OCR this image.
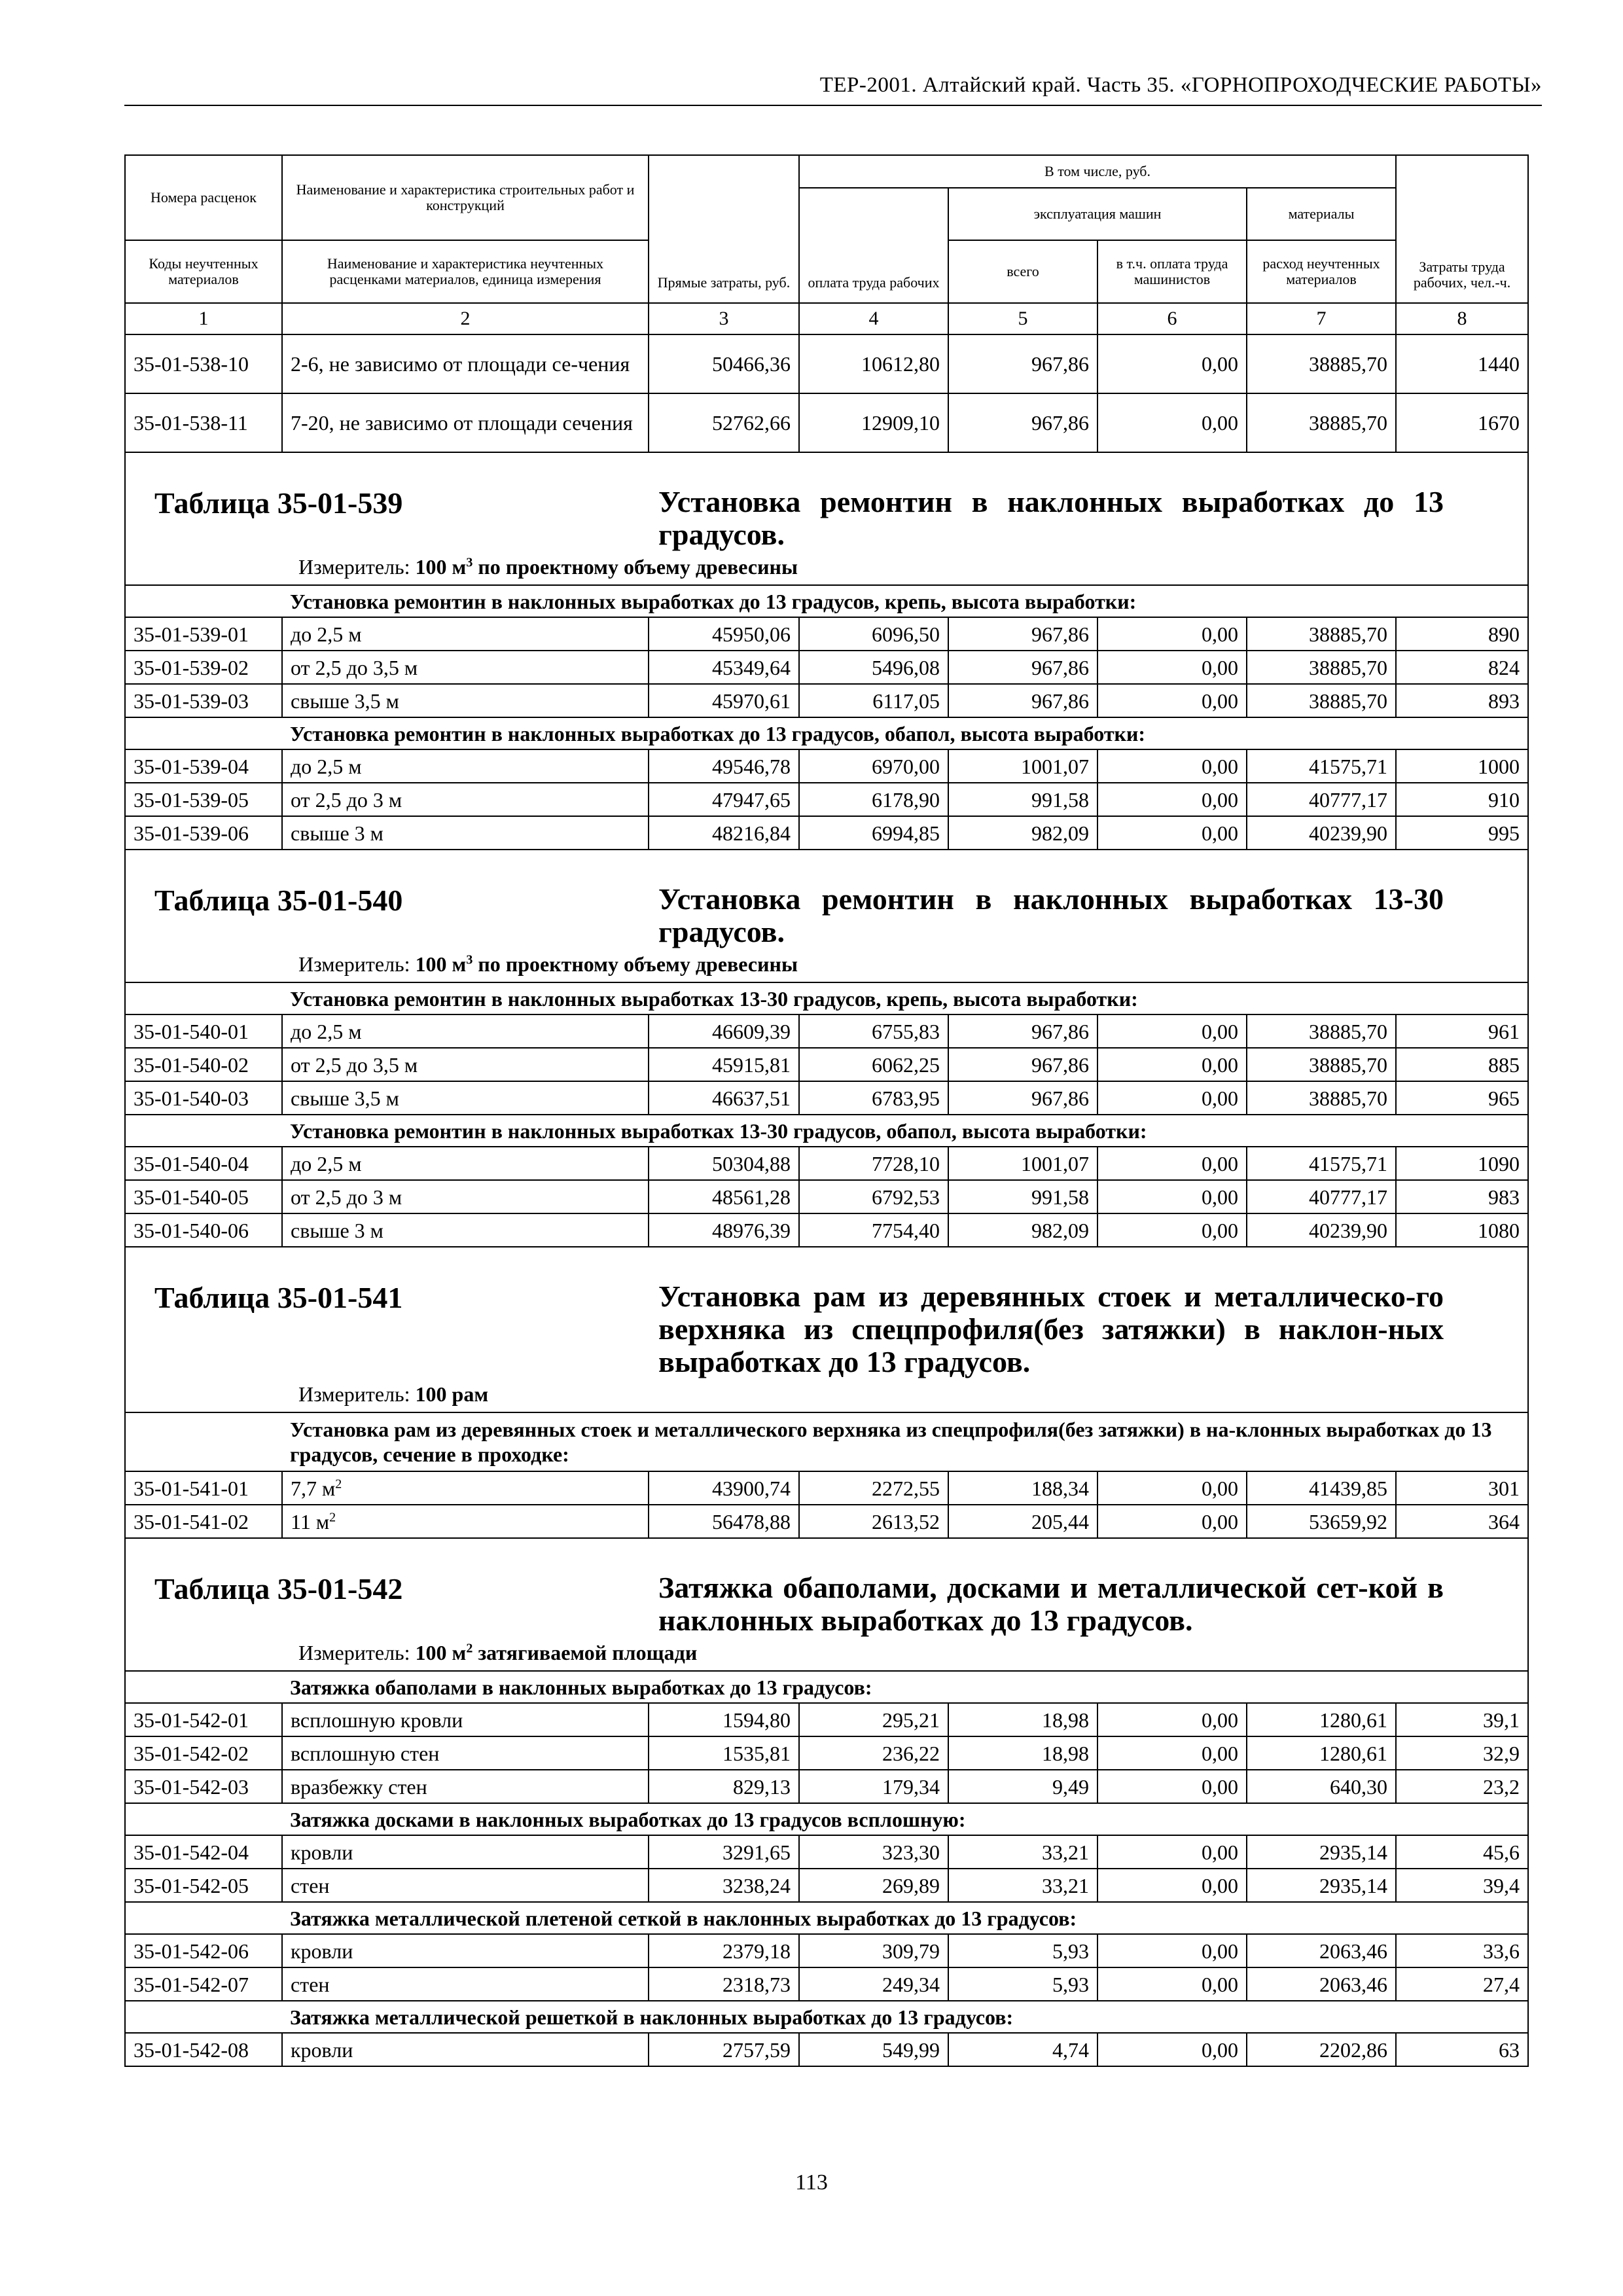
ТЕР-2001. Алтайский край. Часть 35. «ГОРНОПРОХОДЧЕСКИЕ РАБОТЫ»
Номера расценок	Наименование и характеристика строительных работ и конструкций	Прямые затраты, руб.	В том числе, руб.				Затраты труда рабочих, чел.-ч.
			оплата труда рабочих	эксплуатация машин		материалы	
Коды неучтенных материалов	Наименование и характеристика неучтенных расценками материалов, единица измерения			всего	в т.ч. оплата труда машинистов	расход неучтенных материалов	

1	2	3	4	5	6	7	8
35-01-538-10	2-6, не зависимо от площади се-чения	50466,36	10612,80	967,86	0,00	38885,70	1440
35-01-538-11	7-20, не зависимо от площади сечения	52762,66	12909,10	967,86	0,00	38885,70	1670

Таблица 35-01-539 Установка ремонтин в наклонных выработках до 13 градусов.
Измеритель: 100 $м^3$ по проектному объему древесины							

	Установка ремонтин в наклонных выработках до 13 градусов, крепь, высота выработки:						
35-01-539-01	до 2,5 м	45950,06	6096,50	967,86	0,00	38885,70	890
35-01-539-02	от 2,5 до 3,5 м	45349,64	5496,08	967,86	0,00	38885,70	824
35-01-539-03	свыше 3,5 м	45970,61	6117,05	967,86	0,00	38885,70	893
	Установка ремонтин в наклонных выработках до 13 градусов, обапол, высота выработки:						
35-01-539-04	до 2,5 м	49546,78	6970,00	1001,07	0,00	41575,71	1000
35-01-539-05	от 2,5 до 3 м	47947,65	6178,90	991,58	0,00	40777,17	910
35-01-539-06	свыше 3 м	48216,84	6994,85	982,09	0,00	40239,90	995

Таблица 35-01-540 Установка ремонтин в наклонных выработках 13-30 градусов.
Измеритель: 100 $м^3$ по проектному объему древесины							

	Установка ремонтин в наклонных выработках 13-30 градусов, крепь, высота выработки:						
35-01-540-01	до 2,5 м	46609,39	6755,83	967,86	0,00	38885,70	961
35-01-540-02	от 2,5 до 3,5 м	45915,81	6062,25	967,86	0,00	38885,70	885
35-01-540-03	свыше 3,5 м	46637,51	6783,95	967,86	0,00	38885,70	965
	Установка ремонтин в наклонных выработках 13-30 градусов, обапол, высота выработки:						
35-01-540-04	до 2,5 м	50304,88	7728,10	1001,07	0,00	41575,71	1090
35-01-540-05	от 2,5 до 3 м	48561,28	6792,53	991,58	0,00	40777,17	983
35-01-540-06	свыше 3 м	48976,39	7754,40	982,09	0,00	40239,90	1080

Таблица 35-01-541 Установка рам из деревянных стоек и металлическо-го верхняка из спецпрофиля(без затяжки) в наклон-ных выработках до 13 градусов.
Измеритель: 100 рам							

	Установка рам из деревянных стоек и металлического верхняка из спецпрофиля(без затяжки) в на-клонных выработках до 13 градусов, сечение в проходке:						
35-01-541-01	7,7 $м^2$	43900,74	2272,55	188,34	0,00	41439,85	301
35-01-541-02	11 $м^2$	56478,88	2613,52	205,44	0,00	53659,92	364

Таблица 35-01-542 Затяжка обаполами, досками и металлической сет-кой в наклонных выработках до 13 градусов.
Измеритель: 100 $м^2$ затягиваемой площади							

	Затяжка обаполами в наклонных выработках до 13 градусов:						
35-01-542-01	всплошную кровли	1594,80	295,21	18,98	0,00	1280,61	39,1
35-01-542-02	всплошную стен	1535,81	236,22	18,98	0,00	1280,61	32,9
35-01-542-03	вразбежку стен	829,13	179,34	9,49	0,00	640,30	23,2
	Затяжка досками в наклонных выработках до 13 градусов всплошную:						
35-01-542-04	кровли	3291,65	323,30	33,21	0,00	2935,14	45,6
35-01-542-05	стен	3238,24	269,89	33,21	0,00	2935,14	39,4
	Затяжка металлической плетеной сеткой в наклонных выработках до 13 градусов:						
35-01-542-06	кровли	2379,18	309,79	5,93	0,00	2063,46	33,6
35-01-542-07	стен	2318,73	249,34	5,93	0,00	2063,46	27,4
	Затяжка металлической решеткой в наклонных выработках до 13 градусов:						
35-01-542-08	кровли	2757,59	549,99	4,74	0,00	2202,86	63
113
